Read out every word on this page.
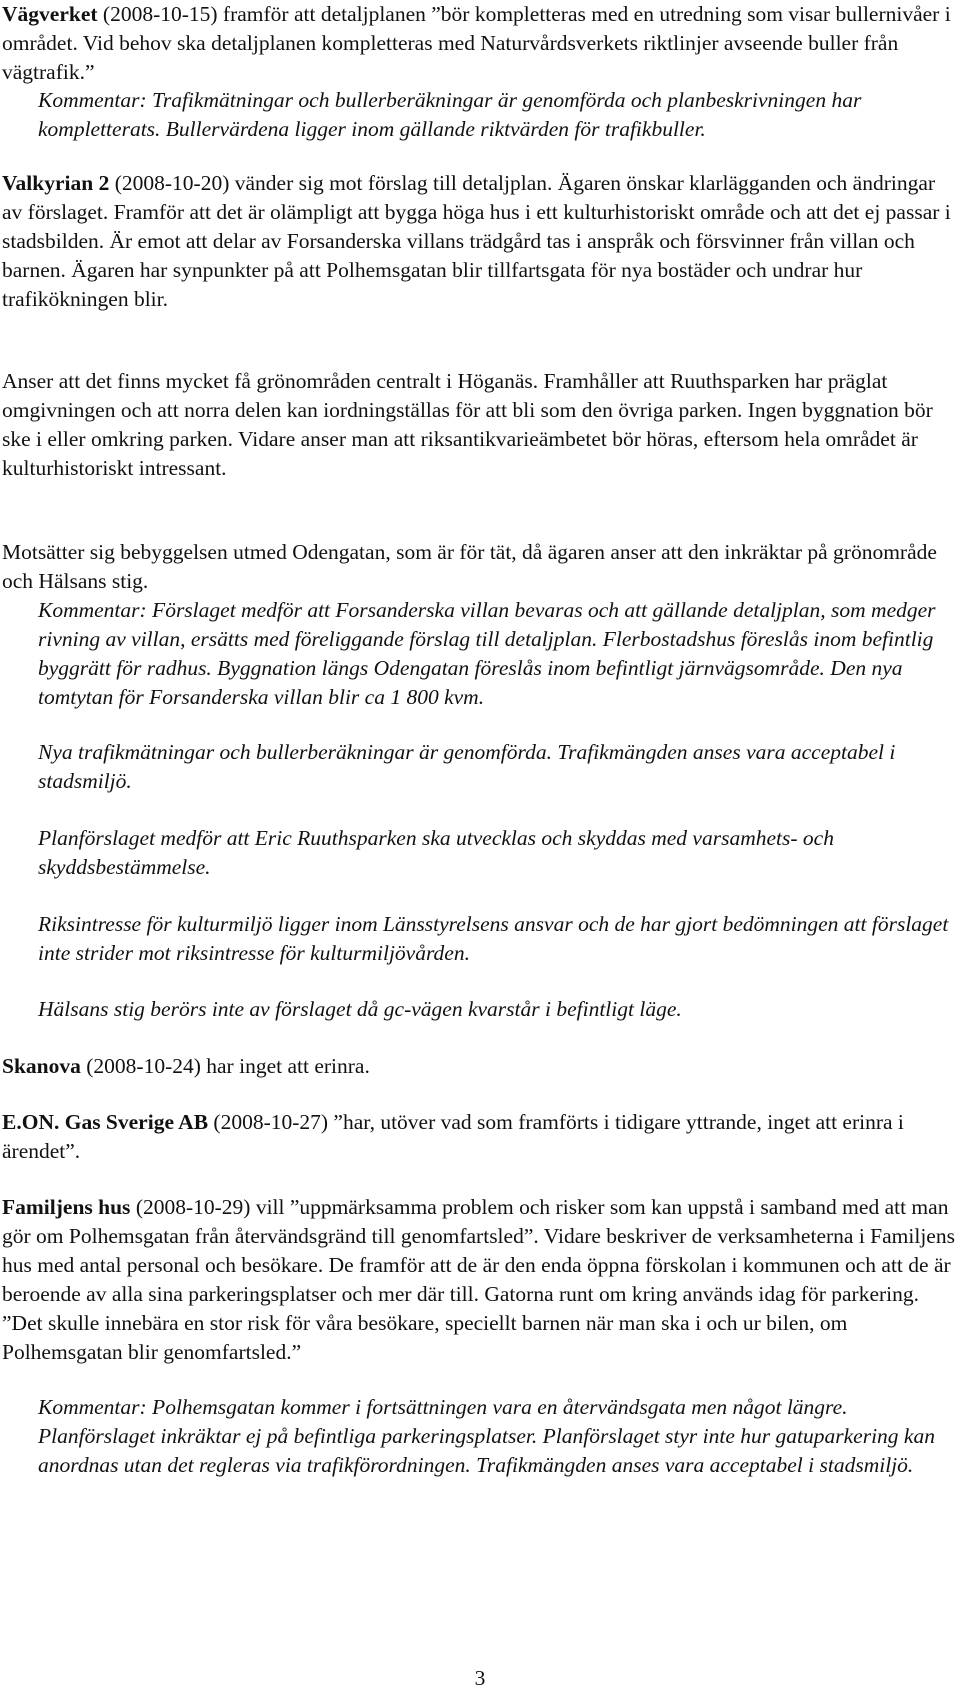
Vägverket (2008-10-15) framför att detaljplanen ”bör kompletteras med en utredning som visar bullernivåer i området. Vid behov ska detaljplanen kompletteras med Naturvårdsverkets riktlinjer avseende buller från vägtrafik.”

Kommentar: Trafikmätningar och bullerberäkningar är genomförda och planbeskrivningen har kompletterats. Bullervärdena ligger inom gällande riktvärden för trafikbuller.

Valkyrian 2 (2008-10-20) vänder sig mot förslag till detaljplan. Ägaren önskar klarlägganden och ändringar av förslaget. Framför att det är olämpligt att bygga höga hus i ett kulturhistoriskt område och att det ej passar i stadsbilden. Är emot att delar av Forsanderska villans trädgård tas i anspråk och försvinner från villan och barnen. Ägaren har synpunkter på att Polhemsgatan blir tillfartsgata för nya bostäder och undrar hur trafikökningen blir.

Anser att det finns mycket få grönområden centralt i Höganäs. Framhåller att Ruuthsparken har präglat omgivningen och att norra delen kan iordningställas för att bli som den övriga parken. Ingen byggnation bör ske i eller omkring parken. Vidare anser man att riksantikvarieämbetet bör höras, eftersom hela området är kulturhistoriskt intressant.

Motsätter sig bebyggelsen utmed Odengatan, som är för tät, då ägaren anser att den inkräktar på grönområde och Hälsans stig.

Kommentar: Förslaget medför att Forsanderska villan bevaras och att gällande detaljplan, som medger rivning av villan, ersätts med föreliggande förslag till detaljplan. Flerbostadshus föreslås inom befintlig byggrätt för radhus. Byggnation längs Odengatan föreslås inom befintligt järnvägsområde. Den nya tomtytan för Forsanderska villan blir ca 1 800 kvm.

Nya trafikmätningar och bullerberäkningar är genomförda. Trafikmängden anses vara acceptabel i stadsmiljö.

Planförslaget medför att Eric Ruuthsparken ska utvecklas och skyddas med varsamhets- och skyddsbestämmelse.

Riksintresse för kulturmiljö ligger inom Länsstyrelsens ansvar och de har gjort bedömningen att förslaget inte strider mot riksintresse för kulturmiljövården.

Hälsans stig berörs inte av förslaget då gc-vägen kvarstår i befintligt läge.

Skanova (2008-10-24) har inget att erinra.

E.ON. Gas Sverige AB (2008-10-27) ”har, utöver vad som framförts i tidigare yttrande, inget att erinra i ärendet”.

Familjens hus (2008-10-29) vill ”uppmärksamma problem och risker som kan uppstå i samband med att man gör om Polhemsgatan från återvändsgränd till genomfartsled”. Vidare beskriver de verksamheterna i Familjens hus med antal personal och besökare. De framför att de är den enda öppna förskolan i kommunen och att de är beroende av alla sina parkeringsplatser och mer där till. Gatorna runt om kring används idag för parkering. ”Det skulle innebära en stor risk för våra besökare, speciellt barnen när man ska i och ur bilen, om Polhemsgatan blir genomfartsled.”

Kommentar: Polhemsgatan kommer i fortsättningen vara en återvändsgata men något längre. Planförslaget inkräktar ej på befintliga parkeringsplatser. Planförslaget styr inte hur gatuparkering kan anordnas utan det regleras via trafikförordningen. Trafikmängden anses vara acceptabel i stadsmiljö.

3
